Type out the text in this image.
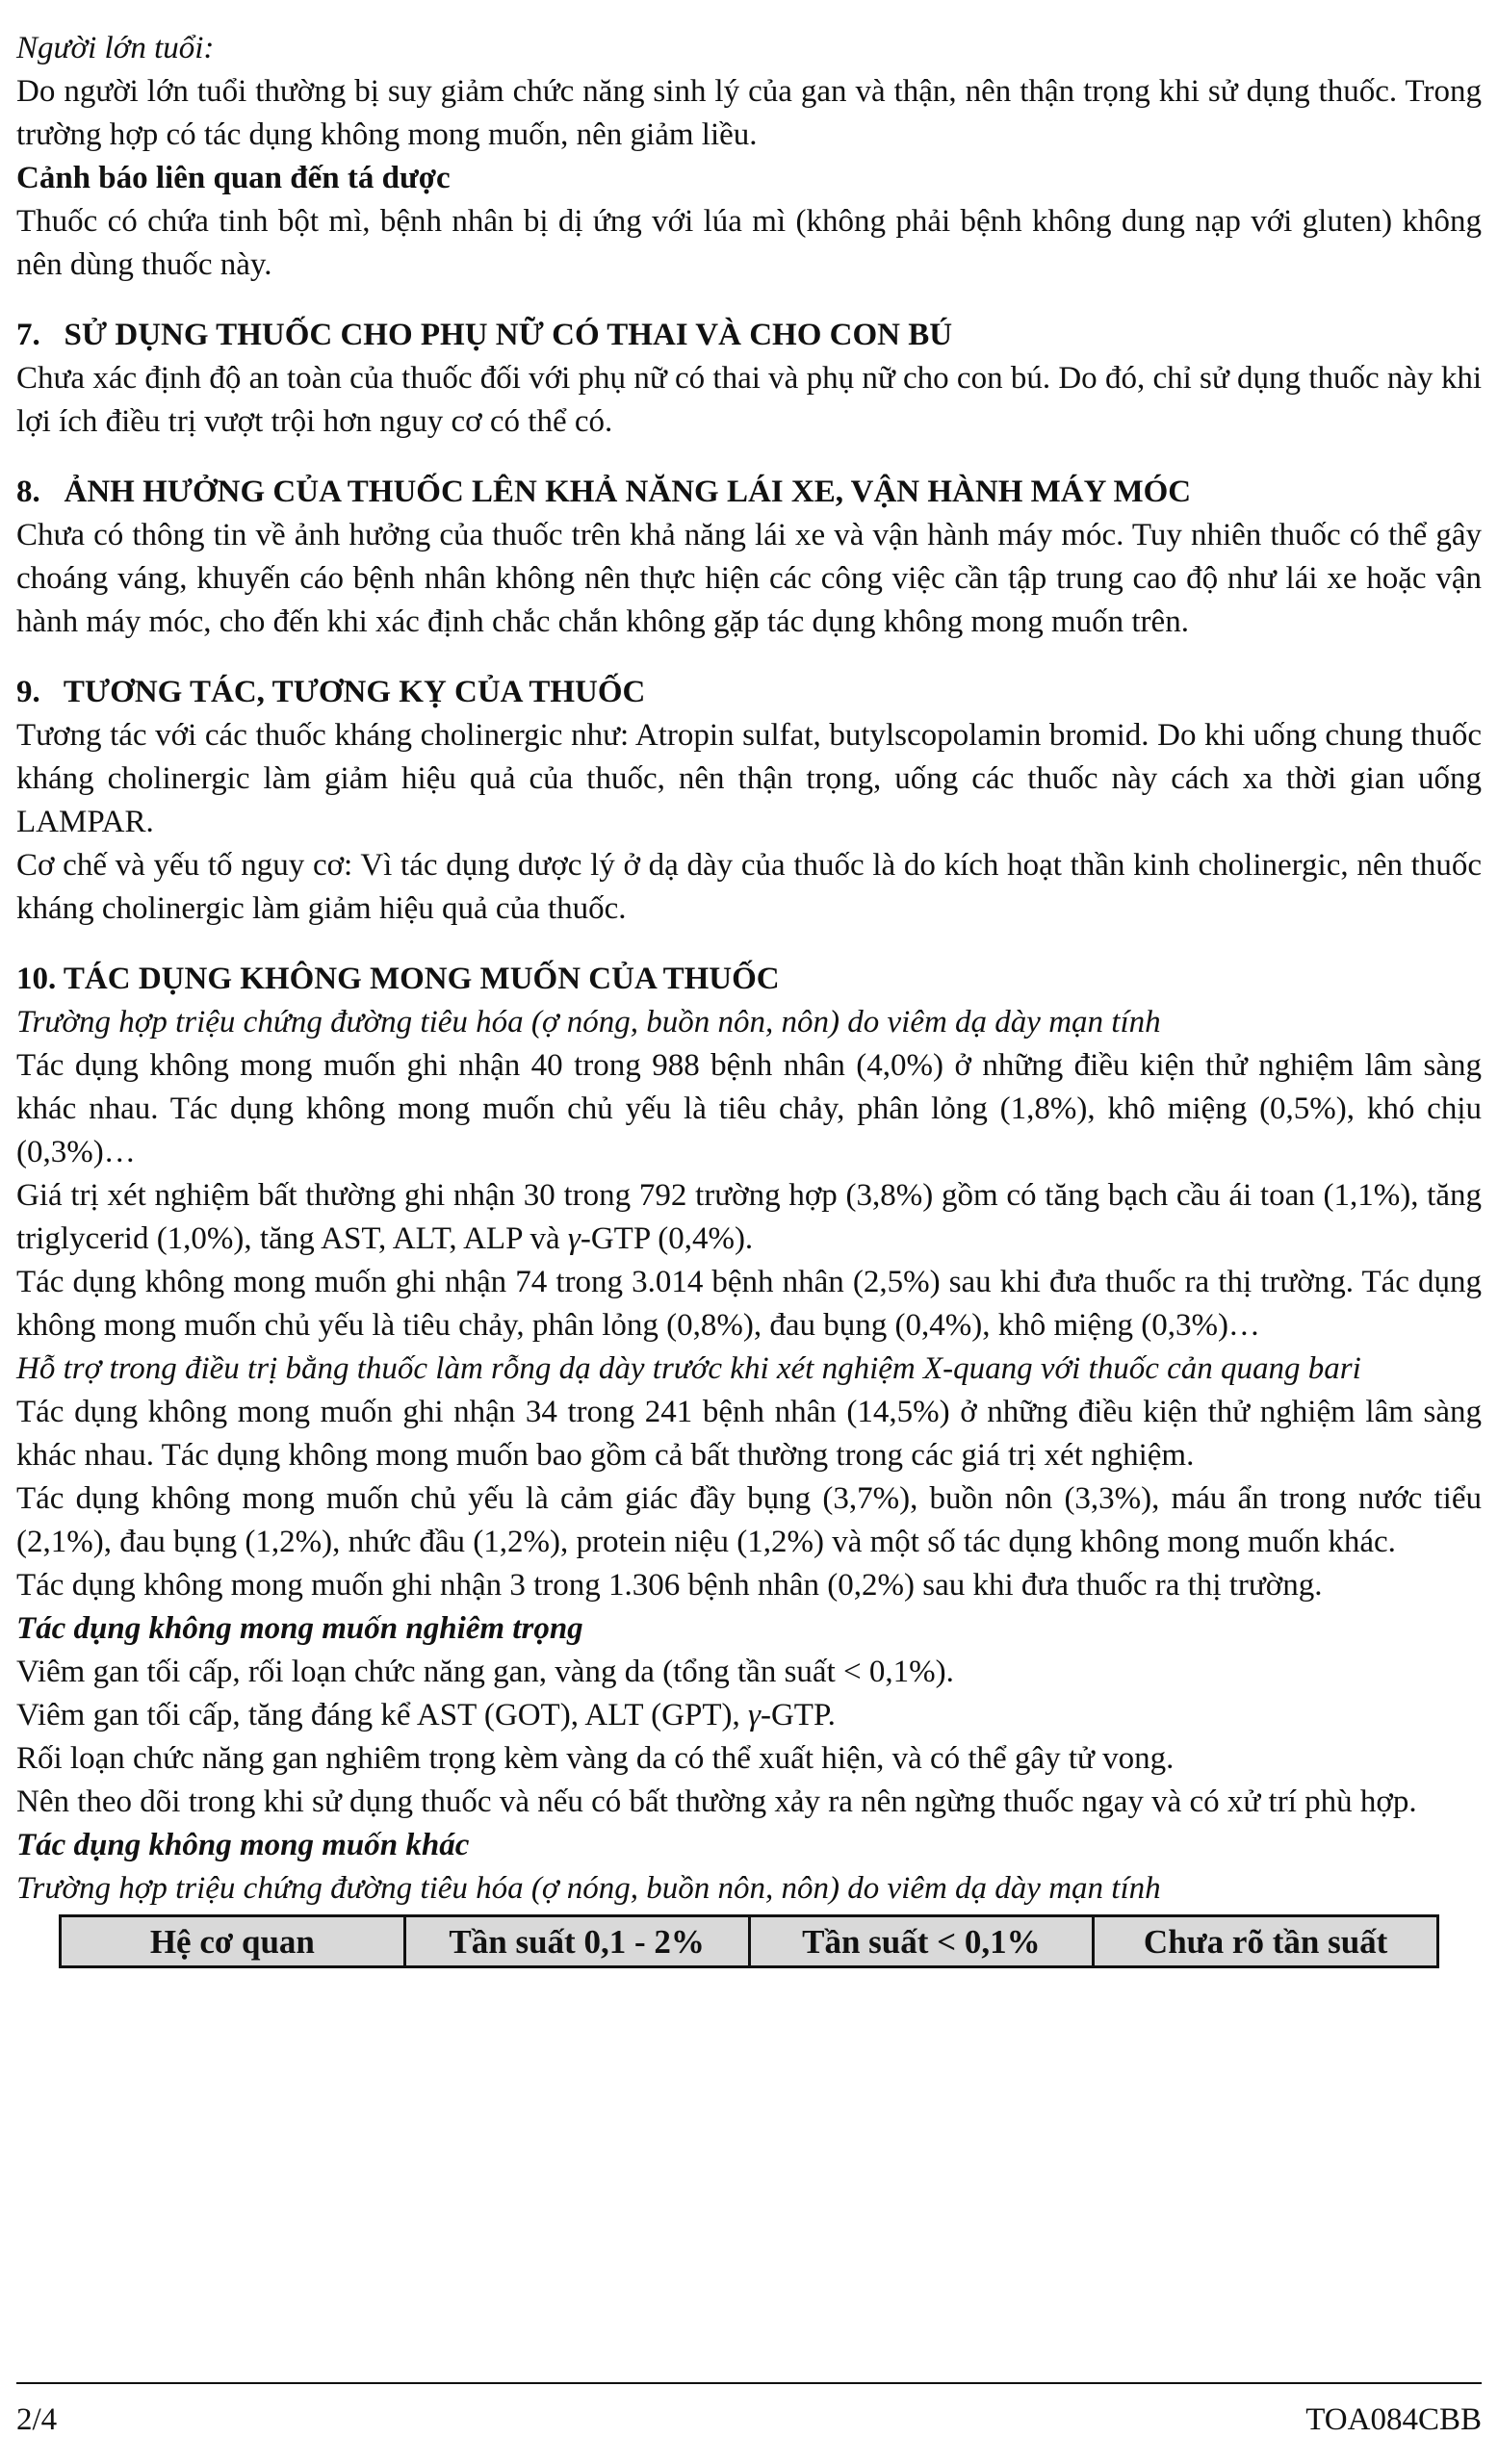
Người lớn tuổi:

Do người lớn tuổi thường bị suy giảm chức năng sinh lý của gan và thận, nên thận trọng khi sử dụng thuốc. Trong trường hợp có tác dụng không mong muốn, nên giảm liều.

Cảnh báo liên quan đến tá dược

Thuốc có chứa tinh bột mì, bệnh nhân bị dị ứng với lúa mì (không phải bệnh không dung nạp với gluten) không nên dùng thuốc này.

7.   SỬ DỤNG THUỐC CHO PHỤ NỮ CÓ THAI VÀ CHO CON BÚ

Chưa xác định độ an toàn của thuốc đối với phụ nữ có thai và phụ nữ cho con bú. Do đó, chỉ sử dụng thuốc này khi lợi ích điều trị vượt trội hơn nguy cơ có thể có.

8.   ẢNH HƯỞNG CỦA THUỐC LÊN KHẢ NĂNG LÁI XE, VẬN HÀNH MÁY MÓC

Chưa có thông tin về ảnh hưởng của thuốc trên khả năng lái xe và vận hành máy móc. Tuy nhiên thuốc có thể gây choáng váng, khuyến cáo bệnh nhân không nên thực hiện các công việc cần tập trung cao độ như lái xe hoặc vận hành máy móc, cho đến khi xác định chắc chắn không gặp tác dụng không mong muốn trên.

9.   TƯƠNG TÁC, TƯƠNG KỴ CỦA THUỐC

Tương tác với các thuốc kháng cholinergic như: Atropin sulfat, butylscopolamin bromid. Do khi uống chung thuốc kháng cholinergic làm giảm hiệu quả của thuốc, nên thận trọng, uống các thuốc này cách xa thời gian uống LAMPAR.

Cơ chế và yếu tố nguy cơ: Vì tác dụng dược lý ở dạ dày của thuốc là do kích hoạt thần kinh cholinergic, nên thuốc kháng cholinergic làm giảm hiệu quả của thuốc.

10. TÁC DỤNG KHÔNG MONG MUỐN CỦA THUỐC

Trường hợp triệu chứng đường tiêu hóa (ợ nóng, buồn nôn, nôn) do viêm dạ dày mạn tính

Tác dụng không mong muốn ghi nhận 40 trong 988 bệnh nhân (4,0%) ở những điều kiện thử nghiệm lâm sàng khác nhau. Tác dụng không mong muốn chủ yếu là tiêu chảy, phân lỏng (1,8%), khô miệng (0,5%), khó chịu (0,3%)…

Giá trị xét nghiệm bất thường ghi nhận 30 trong 792 trường hợp (3,8%) gồm có tăng bạch cầu ái toan (1,1%), tăng triglycerid (1,0%), tăng AST, ALT, ALP và γ-GTP (0,4%).

Tác dụng không mong muốn ghi nhận 74 trong 3.014 bệnh nhân (2,5%) sau khi đưa thuốc ra thị trường. Tác dụng không mong muốn chủ yếu là tiêu chảy, phân lỏng (0,8%), đau bụng (0,4%), khô miệng (0,3%)…

Hỗ trợ trong điều trị bằng thuốc làm rỗng dạ dày trước khi xét nghiệm X-quang với thuốc cản quang bari

Tác dụng không mong muốn ghi nhận 34 trong 241 bệnh nhân (14,5%) ở những điều kiện thử nghiệm lâm sàng khác nhau. Tác dụng không mong muốn bao gồm cả bất thường trong các giá trị xét nghiệm.

Tác dụng không mong muốn chủ yếu là cảm giác đầy bụng (3,7%), buồn nôn (3,3%), máu ẩn trong nước tiểu (2,1%), đau bụng (1,2%), nhức đầu (1,2%), protein niệu (1,2%) và một số tác dụng không mong muốn khác.

Tác dụng không mong muốn ghi nhận 3 trong 1.306 bệnh nhân (0,2%) sau khi đưa thuốc ra thị trường.

Tác dụng không mong muốn nghiêm trọng

Viêm gan tối cấp, rối loạn chức năng gan, vàng da (tổng tần suất < 0,1%).

Viêm gan tối cấp, tăng đáng kể AST (GOT), ALT (GPT), γ-GTP.

Rối loạn chức năng gan nghiêm trọng kèm vàng da có thể xuất hiện, và có thể gây tử vong.

Nên theo dõi trong khi sử dụng thuốc và nếu có bất thường xảy ra nên ngừng thuốc ngay và có xử trí phù hợp.

Tác dụng không mong muốn khác

Trường hợp triệu chứng đường tiêu hóa (ợ nóng, buồn nôn, nôn) do viêm dạ dày mạn tính

Hệ cơ quan	Tần suất 0,1 - 2%	Tần suất < 0,1%	Chưa rõ tần suất
2/4	TOA084CBB
